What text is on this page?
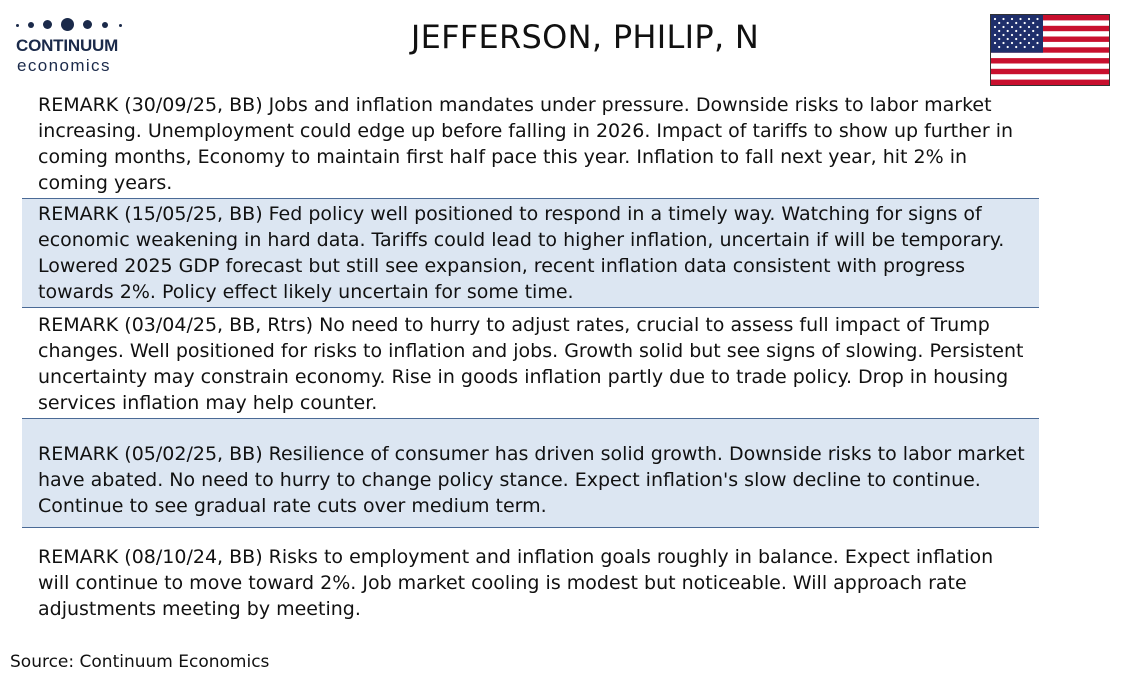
CONTINUUM
economics
JEFFERSON, PHILIP, N
REMARK (30/09/25, BB) Jobs and inflation mandates under pressure. Downside risks to labor market increasing. Unemployment could edge up before falling in 2026. Impact of tariffs to show up further in coming months, Economy to maintain first half pace this year. Inflation to fall next year, hit 2% in coming years.
REMARK (15/05/25, BB) Fed policy well positioned to respond in a timely way. Watching for signs of economic weakening in hard data. Tariffs could lead to higher inflation, uncertain if will be temporary. Lowered 2025 GDP forecast but still see expansion, recent inflation data consistent with progress towards 2%. Policy effect likely uncertain for some time.
REMARK (03/04/25, BB, Rtrs) No need to hurry to adjust rates, crucial to assess full impact of Trump changes. Well positioned for risks to inflation and jobs. Growth solid but see signs of slowing. Persistent uncertainty may constrain economy. Rise in goods inflation partly due to trade policy. Drop in housing services inflation may help counter.
REMARK (05/02/25, BB) Resilience of consumer has driven solid growth. Downside risks to labor market have abated. No need to hurry to change policy stance. Expect inflation's slow decline to continue. Continue to see gradual rate cuts over medium term.
REMARK (08/10/24, BB) Risks to employment and inflation goals roughly in balance. Expect inflation will continue to move toward 2%. Job market cooling is modest but noticeable. Will approach rate adjustments meeting by meeting.
Source: Continuum Economics
